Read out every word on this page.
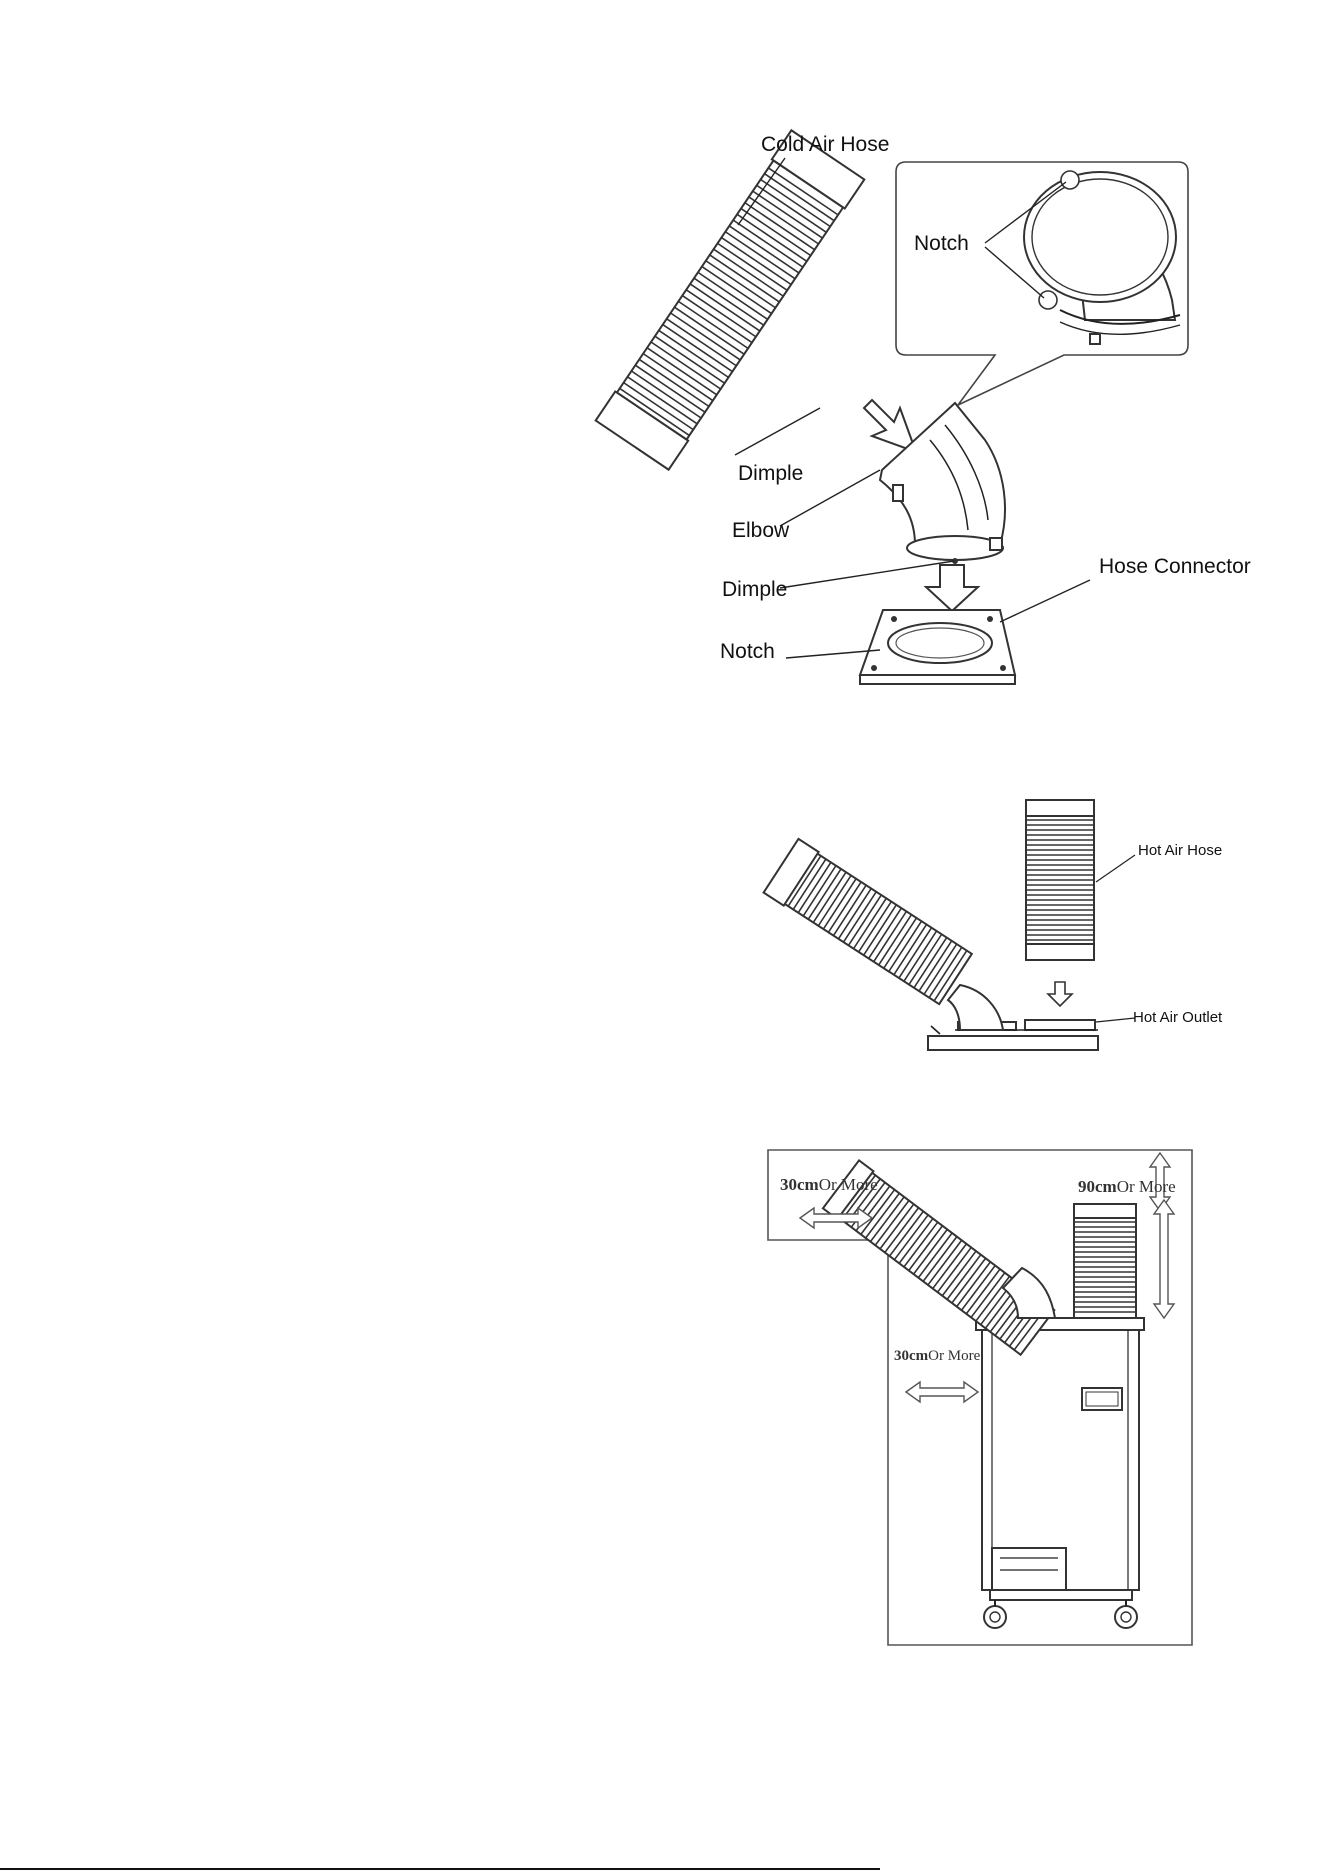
Cold Air Hose
Notch
Dimple
Elbow
Dimple
Hose Connector
Notch
Hot Air Hose
Hot Air Outlet
30cmOr More
30cmOr More
90cmOr More
